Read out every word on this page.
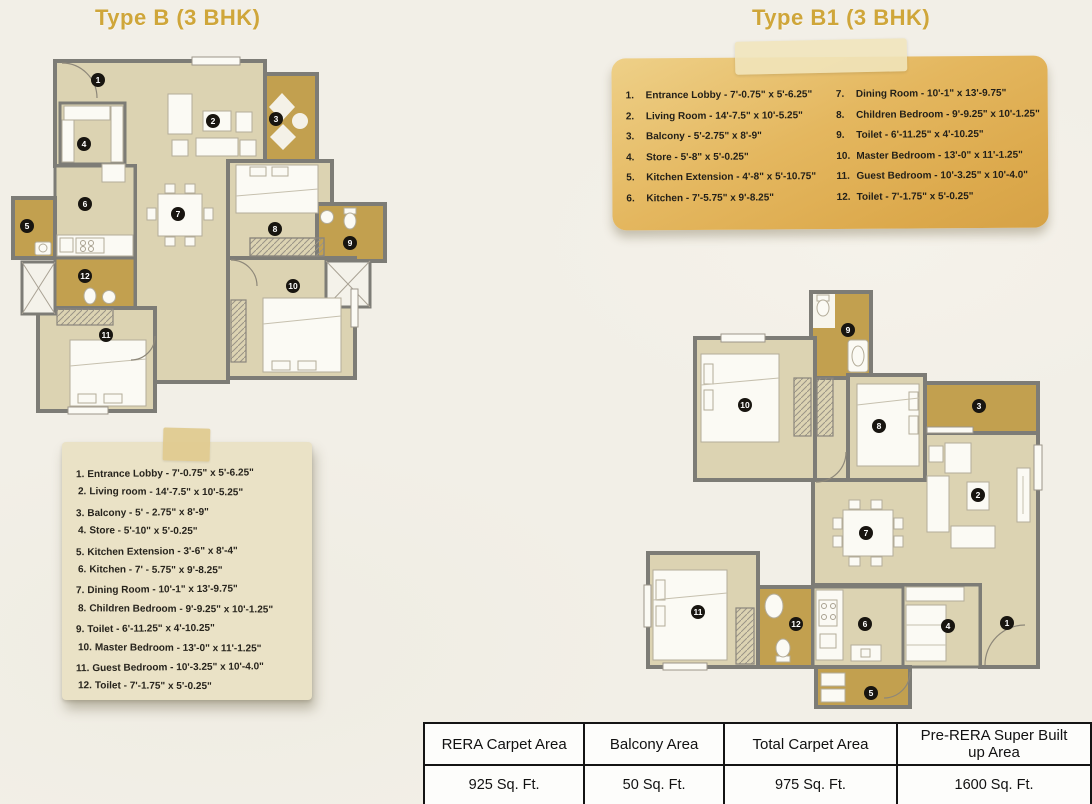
Type B (3 BHK)	Type B1 (3 BHK)
1
2	3
4
5
6
7
8
9
10
11
12
1
2
3
4
5
6
7
8
9
10
11
12
1.	Entrance Lobby - 7'-0.75" x 5'-6.25"
2.	Living Room - 14'-7.5" x 10'-5.25"
3.	Balcony - 5'-2.75" x 8'-9"
4.	Store - 5'-8" x 5'-0.25"
5.	Kitchen Extension - 4'-8" x 5'-10.75"
6.	Kitchen - 7'-5.75" x 9'-8.25"
7.	Dining Room - 10'-1" x 13'-9.75"
8.	Children Bedroom - 9'-9.25" x 10'-1.25"
9.	Toilet - 6'-11.25" x 4'-10.25"
10. Master Bedroom - 13'-0" x 11'-1.25"
11. Guest Bedroom - 10'-3.25" x 10'-4.0"
12. Toilet - 7'-1.75" x 5'-0.25"
1. Entrance Lobby - 7'-0.75" x 5'-6.25"
2. Living room - 14'-7.5" x 10'-5.25"
3. Balcony - 5' - 2.75" x 8'-9"
4. Store - 5'-10" x 5'-0.25"
5. Kitchen Extension - 3'-6" x 8'-4"
6. Kitchen - 7' - 5.75" x 9'-8.25"
7. Dining Room - 10'-1" x 13'-9.75"
8. Children Bedroom - 9'-9.25" x 10'-1.25"
9. Toilet - 6'-11.25" x 4'-10.25"
10. Master Bedroom - 13'-0" x 11'-1.25"
11. Guest Bedroom - 10'-3.25" x 10'-4.0"
12. Toilet - 7'-1.75" x 5'-0.25"
RERA Carpet Area	Balcony Area	Total Carpet Area	Pre-RERA Super Built up Area
925 Sq. Ft.	50 Sq. Ft.	975 Sq. Ft.	1600 Sq. Ft.
